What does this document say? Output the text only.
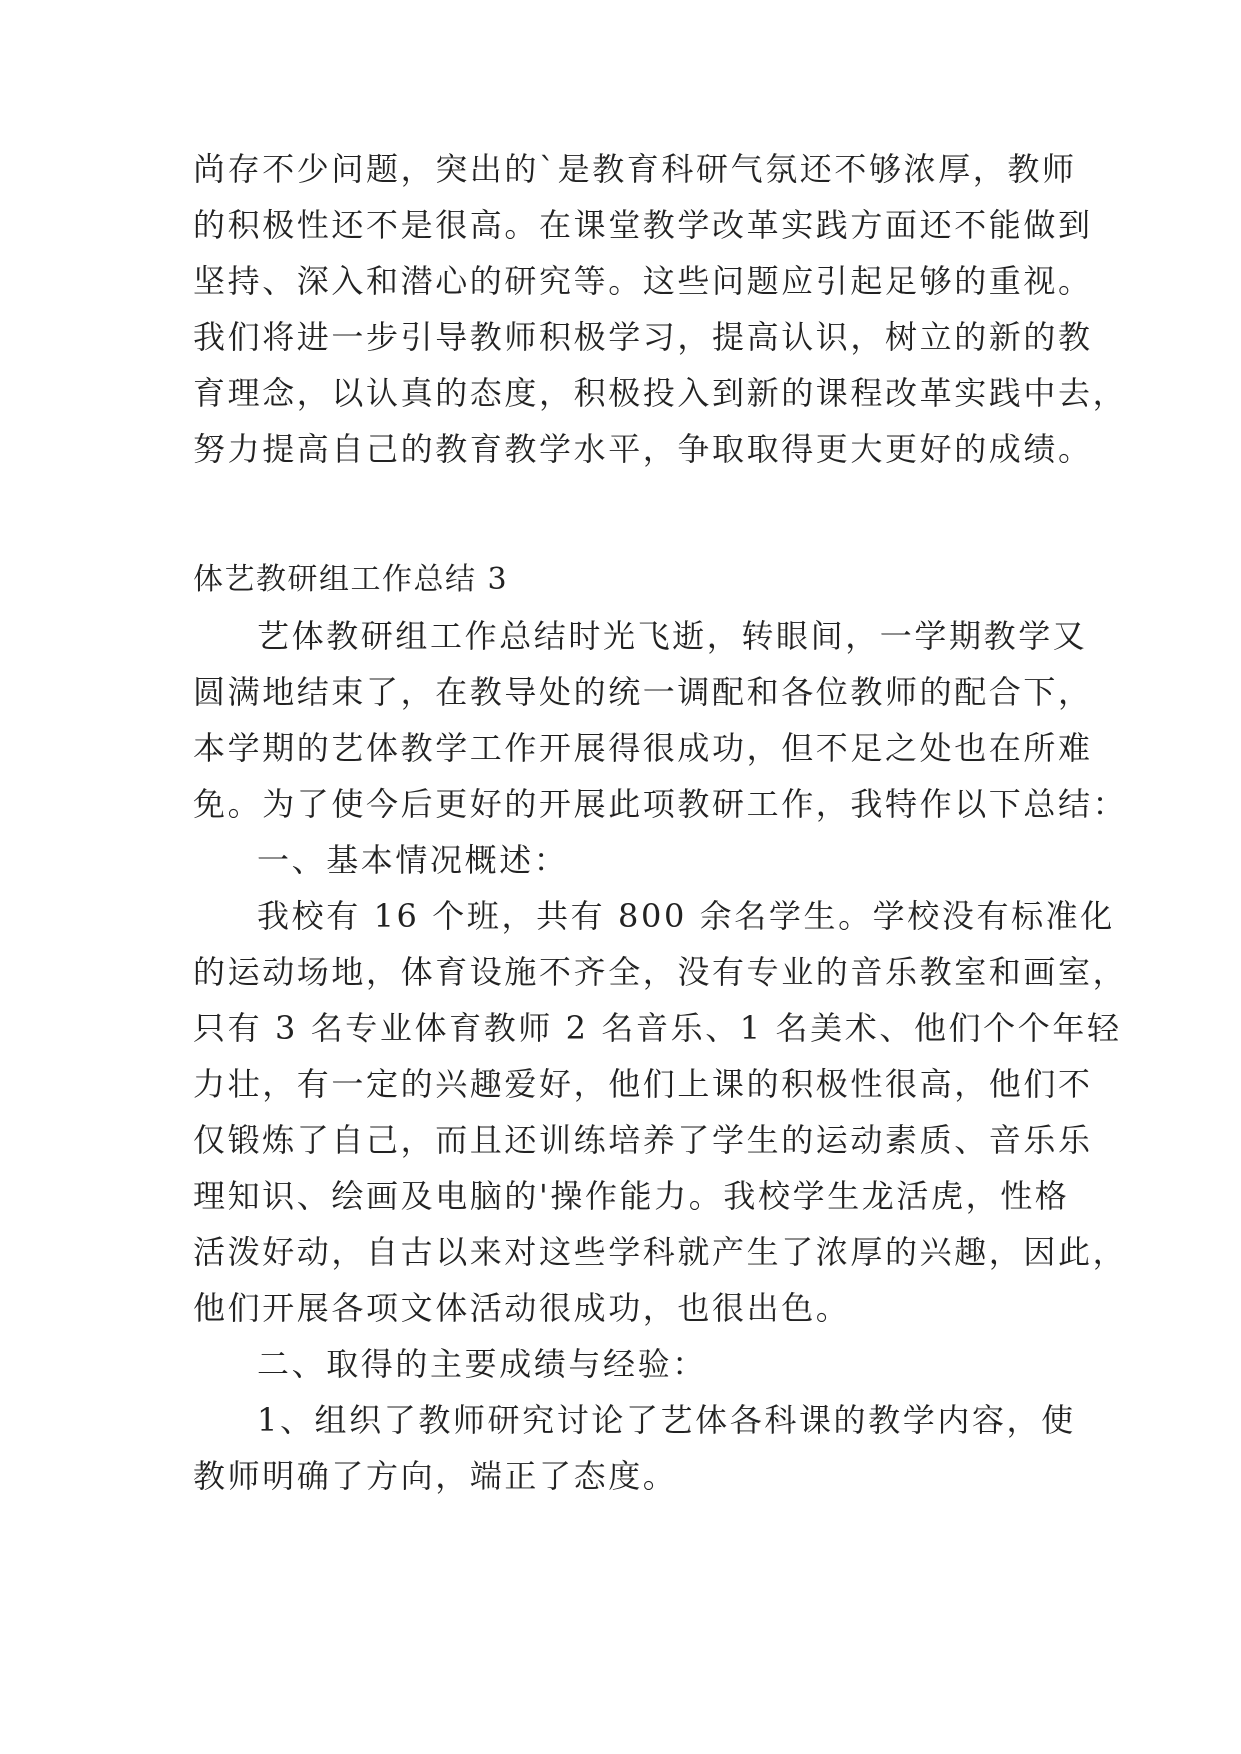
尚存不少问题，突出的`是教育科研气氛还不够浓厚，教师
的积极性还不是很高。在课堂教学改革实践方面还不能做到
坚持、深入和潜心的研究等。这些问题应引起足够的重视。
我们将进一步引导教师积极学习，提高认识，树立的新的教
育理念，以认真的态度，积极投入到新的课程改革实践中去，
努力提高自己的教育教学水平，争取取得更大更好的成绩。
体艺教研组工作总结 3
艺体教研组工作总结时光飞逝，转眼间，一学期教学又
圆满地结束了，在教导处的统一调配和各位教师的配合下，
本学期的艺体教学工作开展得很成功，但不足之处也在所难
免。为了使今后更好的开展此项教研工作，我特作以下总结：
一、基本情况概述：
我校有 16 个班，共有 800 余名学生。学校没有标准化
的运动场地，体育设施不齐全，没有专业的音乐教室和画室，
只有 3 名专业体育教师 2 名音乐、1 名美术、他们个个年轻
力壮，有一定的兴趣爱好，他们上课的积极性很高，他们不
仅锻炼了自己，而且还训练培养了学生的运动素质、音乐乐
理知识、绘画及电脑的'操作能力。我校学生龙活虎，性格
活泼好动，自古以来对这些学科就产生了浓厚的兴趣，因此，
他们开展各项文体活动很成功，也很出色。
二、取得的主要成绩与经验：
1、组织了教师研究讨论了艺体各科课的教学内容，使
教师明确了方向，端正了态度。
